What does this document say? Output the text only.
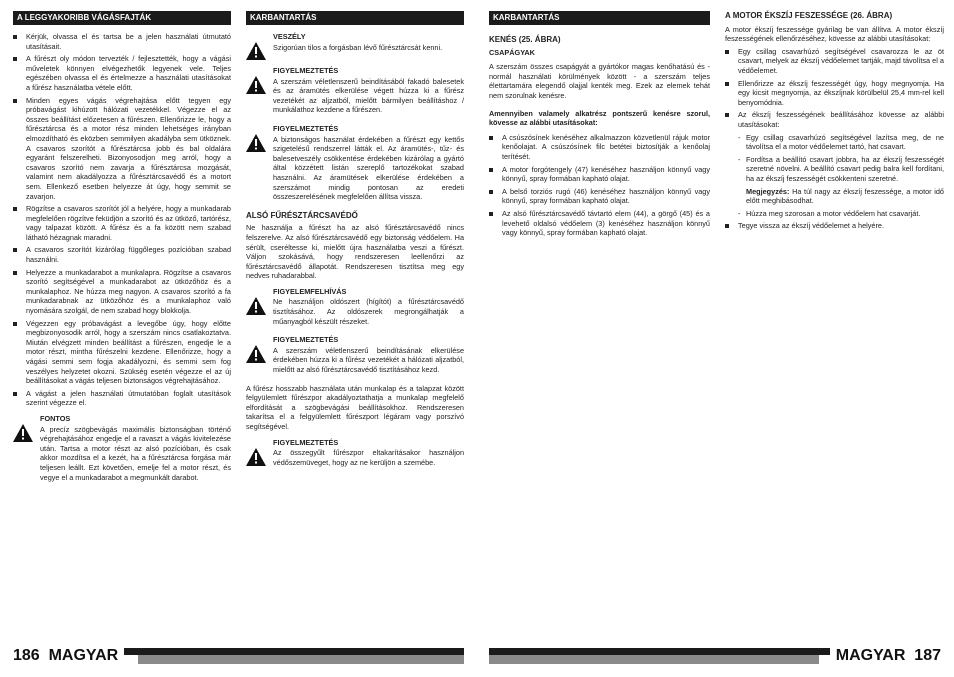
A LEGGYAKORIBB VÁGÁSFAJTÁK
Kérjük, olvassa el és tartsa be a jelen használati útmutató utasításait.
A fűrészt oly módon tervezték / fejlesztették, hogy a vágási műveletek könnyen elvégezhetők legyenek vele. Teljes egészében olvassa el és értelmezze a használati utasításokat a fűrész használatba vétele előtt.
Minden egyes vágás végrehajtása előtt tegyen egy próbavágást kihúzott hálózati vezetékkel. Végezze el az összes beállítást előzetesen a fűrészen. Ellenőrizze le, hogy a fűrésztárcsa és a motor rész minden lehetséges irányban elmozdítható és eközben semmilyen akadályba sem ütköznek. A csavaros szorítót a fűrésztárcsa jobb és bal oldalára egyaránt felszerelheti. Bizonyosodjon meg arról, hogy a csavaros szorító nem zavarja a fűrésztárcsa mozgását, valamint nem akadályozza a fűrésztárcsavédő és a motort sem. Ellenkező esetben helyezze át úgy, hogy semmit se zavarjon.
Rögzítse a csavaros szorítót jól a helyére, hogy a munkadarab megfelelően rögzítve feküdjön a szorító és az ütköző, tartórész, vagy talpazat között. A fűrész és a fa között nem szabad látható hézagnak maradni.
A csavaros szorítót kizárólag függőleges pozícióban szabad használni.
Helyezze a munkadarabot a munkalapra. Rögzítse a csavaros szorító segítségével a munkadarabot az ütközőhöz és a munkalaphoz. Ne húzza meg nagyon. A csavaros szorító a fa munkadarabnak az ütközőhöz és a munkalaphoz való nyomására szolgál, de nem szabad hogy blokkolja.
Végezzen egy próbavágást a levegőbe úgy, hogy előtte megbizonyosodik arról, hogy a szerszám nincs csatlakoztatva. Miután elvégzett minden beállítást a fűrészen, engedje le a motor részt, mintha fűrészelni kezdene. Ellenőrizze, hogy a vágási semmi sem fogja akadályozni, és semmi sem fog veszélyes helyzetet okozni. Szükség esetén végezze el az új beállításokat a vágás teljesen biztonságos végrehajtásához.
A vágást a jelen használati útmutatóban foglalt utasítások szerint végezze el.
FONTOS

A precíz szögbevágás maximális biztonságban történő végrehajtásához engedje el a ravaszt a vágás kivitelezése után. Tartsa a motor részt az alsó pozícióban, és csak akkor mozdítsa el a kezét, ha a fűrésztárcsa forgása már teljesen leállt. Ezt követően, emelje fel a motor részt, és vegye el a munkadarabot a megmunkált darabot.

KARBANTARTÁS
VESZÉLY

Szigorúan tilos a forgásban lévő fűrésztárcsát kenni.

FIGYELMEZTETÉS

A szerszám véletlenszerű beindításából fakadó balesetek és az áramütés elkerülése végett húzza ki a fűrész vezetékét az aljzatból, mielőtt bármilyen beállításhoz / munkálathoz kezdene a fűrészen.

FIGYELMEZTETÉS

A biztonságos használat érdekében a fűrészt egy kettős szigetelésű rendszerrel látták el. Az áramütés-, tűz- és balesetveszély csökkentése érdekében kizárólag a gyártó által közzétett listán szereplő tartozékokat szabad használni. Az áramütések elkerülése érdekében a szerszámot mindig pontosan az eredeti összeszerelésének megfelelően állítsa vissza.

ALSÓ FŰRÉSZTÁRCSAVÉDŐ

Ne használja a fűrészt ha az alsó fűrésztárcsavédő nincs felszerelve. Az alsó fűrésztárcsavédő egy biztonság védőelem. Ha sérült, cseréltesse ki, mielőtt újra használatba veszi a fűrészt. Váljon szokásává, hogy rendszeresen leellenőrzi az fűrésztárcsavédő állapotát. Rendszeresen tisztítsa meg egy nedves ruhadarabbal.

FIGYELEMFELHÍVÁS

Ne használjon oldószert (hígítót) a fűrésztárcsavédő tisztításához. Az oldószerek megrongálhatják a műanyagból készült részeket.

FIGYELMEZTETÉS

A szerszám véletlenszerű beindításának elkerülése érdekében húzza ki a fűrész vezetékét a hálózati aljzatból, mielőtt az alsó fűrésztárcsavédő tisztításához kezd.

A fűrész hosszabb használata után munkalap és a talapzat között felgyülemlett fűrészpor akadályoztathatja a munkalap megfelelő elfordítását a szögbevágási beállításokhoz. Rendszeresen takarítsa el a felgyülemlett fűrészport légáram vagy porszívó segítségével.

FIGYELMEZTETÉS

Az összegyűlt fűrészpor eltakarításakor használjon védőszemüveget, hogy az ne kerüljön a szemébe.

KARBANTARTÁS
KENÉS (25. ÁBRA)
CSAPÁGYAK

A szerszám összes csapágyát a gyártókor magas kenőhatású és - normál használati körülmények között - a szerszám teljes élettartamára elegendő olajjal kenték meg. Ezek az elemek tehát nem szorulnak kenésre.

Amennyiben valamely alkatrész pontszerű kenésre szorul, kövesse az alábbi utasításokat:

A csúszósínek kenéséhez alkalmazzon közvetlenül rájuk motor kenőolajat. A csúszósínek filc betétei biztosítják a kenőolaj terítését.
A motor forgótengely (47) kenéséhez használjon könnyű vagy könnyű, spray formában kapható olajat.
A belső torziós rugó (46) kenéséhez használjon könnyű vagy könnyű, spray formában kapható olajat.
Az alsó fűrésztárcsavédő távtartó elem (44), a görgő (45) és a levehető oldalsó védőelem (3) kenéséhez használjon könnyű vagy könnyű, spray formában kapható olajat.
A MOTOR ÉKSZÍJ FESZESSÉGE (26. ÁBRA)

A motor ékszíj feszessége gyárilag be van állítva. A motor ékszíj feszességének ellenőrzéséhez, kövesse az alábbi utasításokat:

Egy csillag csavarhúzó segítségével csavarozza le az öt csavart, melyek az ékszíj védőelemet tartják, majd távolítsa el a védőelemet.
Ellenőrizze az ékszíj feszességét úgy, hogy megnyomja. Ha egy kicsit megnyomja, az ékszíjnak körülbelül 25,4 mm-rel kell benyomódnia.
Az ékszíj feszességének beállításához kövesse az alábbi utasításokat:
- Egy csillag csavarhúzó segítségével lazítsa meg, de ne távolítsa el a motor védőelemet tartó, hat csavart.
- Fordítsa a beállító csavart jobbra, ha az ékszíj feszességét szeretné növelni. A beállító csavart pedig balra kell fordítani, ha az ékszíj feszességét csökkenteni szeretné.

Megjegyzés: Ha túl nagy az ékszíj feszessége, a motor idő előtt meghibásodhat.

- Húzza meg szorosan a motor védőelem hat csavarját.
Tegye vissza az ékszíj védőelemet a helyére.
186 MAGYAR	MAGYAR 187
